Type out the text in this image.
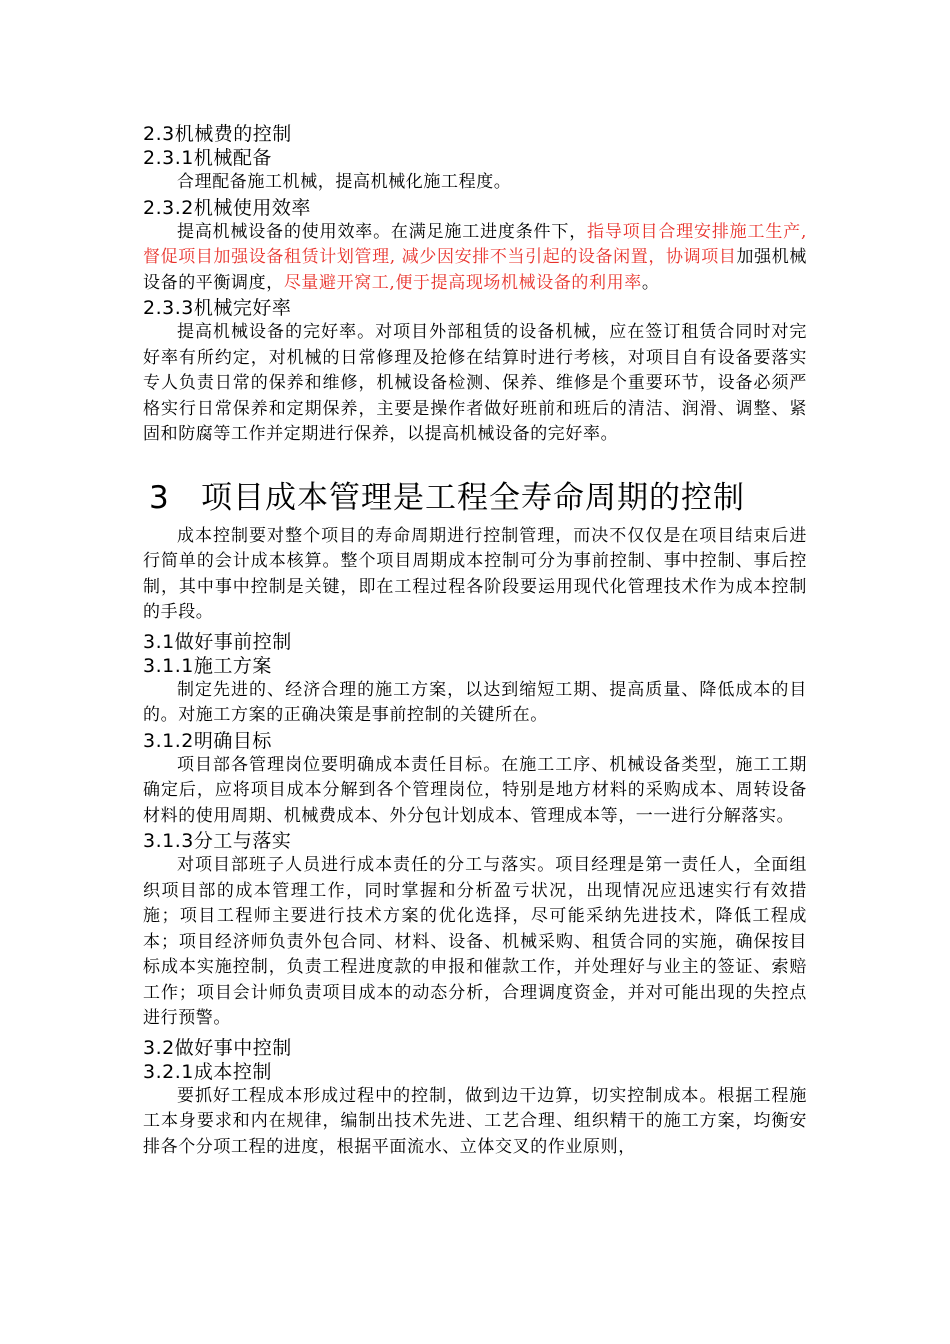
2.3机械费的控制
2.3.1机械配备

合理配备施工机械，提高机械化施工程度。

2.3.2机械使用效率

提高机械设备的使用效率。在满足施工进度条件下，指导项目合理安排施工生产,督促项目加强设备租赁计划管理, 减少因安排不当引起的设备闲置，协调项目加强机械设备的平衡调度，尽量避开窝工,便于提高现场机械设备的利用率。

2.3.3机械完好率

提高机械设备的完好率。对项目外部租赁的设备机械，应在签订租赁合同时对完好率有所约定，对机械的日常修理及抢修在结算时进行考核，对项目自有设备要落实专人负责日常的保养和维修，机械设备检测、保养、维修是个重要环节，设备必须严格实行日常保养和定期保养，主要是操作者做好班前和班后的清洁、润滑、调整、紧固和防腐等工作并定期进行保养，以提高机械设备的完好率。

3 项目成本管理是工程全寿命周期的控制

成本控制要对整个项目的寿命周期进行控制管理，而决不仅仅是在项目结束后进行简单的会计成本核算。整个项目周期成本控制可分为事前控制、事中控制、事后控制，其中事中控制是关键，即在工程过程各阶段要运用现代化管理技术作为成本控制的手段。

3.1做好事前控制
3.1.1施工方案

制定先进的、经济合理的施工方案，以达到缩短工期、提高质量、降低成本的目的。对施工方案的正确决策是事前控制的关键所在。

3.1.2明确目标

项目部各管理岗位要明确成本责任目标。在施工工序、机械设备类型，施工工期确定后，应将项目成本分解到各个管理岗位，特别是地方材料的采购成本、周转设备材料的使用周期、机械费成本、外分包计划成本、管理成本等，一一进行分解落实。

3.1.3分工与落实

对项目部班子人员进行成本责任的分工与落实。项目经理是第一责任人，全面组织项目部的成本管理工作，同时掌握和分析盈亏状况，出现情况应迅速实行有效措施；项目工程师主要进行技术方案的优化选择，尽可能采纳先进技术，降低工程成本；项目经济师负责外包合同、材料、设备、机械采购、租赁合同的实施，确保按目标成本实施控制，负责工程进度款的申报和催款工作，并处理好与业主的签证、索赔工作；项目会计师负责项目成本的动态分析，合理调度资金，并对可能出现的失控点进行预警。

3.2做好事中控制
3.2.1成本控制

要抓好工程成本形成过程中的控制，做到边干边算，切实控制成本。根据工程施工本身要求和内在规律，编制出技术先进、工艺合理、组织精干的施工方案，均衡安排各个分项工程的进度，根据平面流水、立体交叉的作业原则，
